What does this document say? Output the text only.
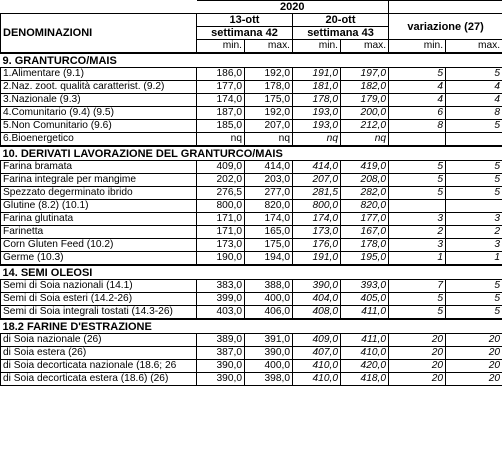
	2020					
DENOMINAZIONI	13-ott		20-ott		variazione (27)	
	settimana 42		settimana 43			
	min.	max.	min.	max.	min.	max.
9. GRANTURCO/MAIS						
1.Alimentare (9.1)	186,0	192,0	191,0	197,0	5	5
2.Naz. zoot. qualità caratterist. (9.2)	177,0	178,0	181,0	182,0	4	4
3.Nazionale (9.3)	174,0	175,0	178,0	179,0	4	4
4.Comunitario (9.4) (9.5)	187,0	192,0	193,0	200,0	6	8
5.Non Comunitario (9.6)	185,0	207,0	193,0	212,0	8	5
6.Bioenergetico	nq	nq	nq	nq		
10. DERIVATI LAVORAZIONE DEL GRANTURCO/MAIS						
Farina bramata	409,0	414,0	414,0	419,0	5	5
Farina integrale per mangime	202,0	203,0	207,0	208,0	5	5
Spezzato degerminato ibrido	276,5	277,0	281,5	282,0	5	5
Glutine (8.2) (10.1)	800,0	820,0	800,0	820,0		
Farina glutinata	171,0	174,0	174,0	177,0	3	3
Farinetta	171,0	165,0	173,0	167,0	2	2
Corn Gluten Feed (10.2)	173,0	175,0	176,0	178,0	3	3
Germe (10.3)	190,0	194,0	191,0	195,0	1	1
14. SEMI OLEOSI						
Semi di Soia nazionali (14.1)	383,0	388,0	390,0	393,0	7	5
Semi di Soia esteri (14.2-26)	399,0	400,0	404,0	405,0	5	5
Semi di Soia integrali tostati (14.3-26)	403,0	406,0	408,0	411,0	5	5
18.2 FARINE D'ESTRAZIONE						
di Soia nazionale (26)	389,0	391,0	409,0	411,0	20	20
di Soia estera (26)	387,0	390,0	407,0	410,0	20	20
di Soia decorticata nazionale (18.6; 26	390,0	400,0	410,0	420,0	20	20
di Soia decorticata estera (18.6) (26)	390,0	398,0	410,0	418,0	20	20
